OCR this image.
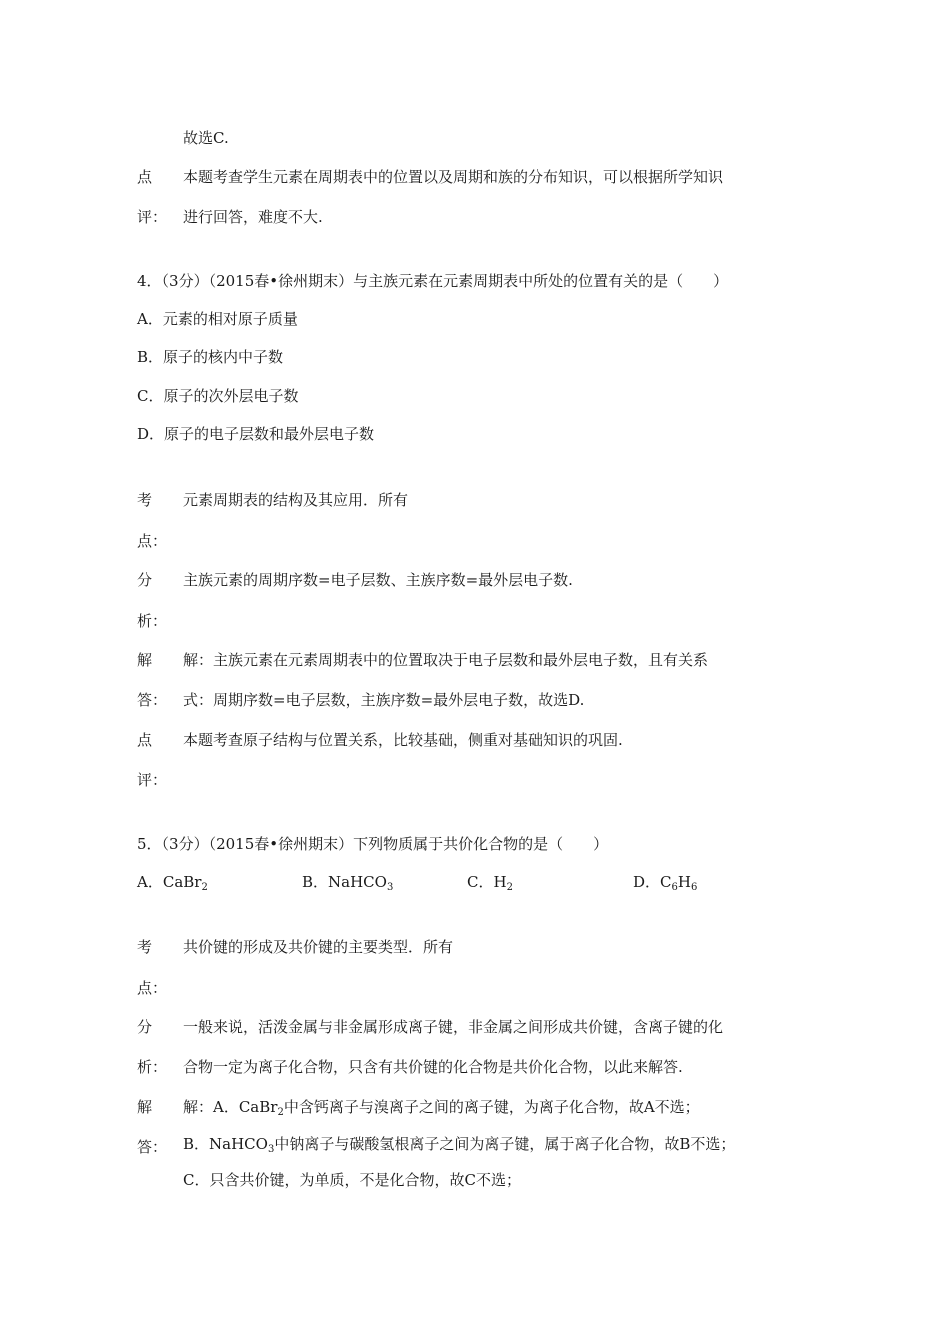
故选C.
点 本题考查学生元素在周期表中的位置以及周期和族的分布知识，可以根据所学知识
评： 进行回答，难度不大.
4．（3分）（2015春•徐州期末）与主族元素在元素周期表中所处的位置有关的是（　　）
A．元素的相对原子质量
B．原子的核内中子数
C．原子的次外层电子数
D．原子的电子层数和最外层电子数
考 元素周期表的结构及其应用．所有
点：
分 主族元素的周期序数=电子层数、主族序数=最外层电子数.
析：
解 解：主族元素在元素周期表中的位置取决于电子层数和最外层电子数，且有关系
答： 式：周期序数=电子层数，主族序数=最外层电子数，故选D.
点 本题考查原子结构与位置关系，比较基础，侧重对基础知识的巩固.
评：
5．（3分）（2015春•徐州期末）下列物质属于共价化合物的是（　　）
A．CaBr$_2$	B．NaHCO$_3$	C．$H_2$	D．$C_6H_6$
考 共价键的形成及共价键的主要类型．所有
点：
分 一般来说，活泼金属与非金属形成离子键，非金属之间形成共价键，含离子键的化
析： 合物一定为离子化合物，只含有共价键的化合物是共价化合物，以此来解答.
解 解：A．CaBr$_2$中含钙离子与溴离子之间的离子键，为离子化合物，故A不选；
答： B．NaHCO$_3$中钠离子与碳酸氢根离子之间为离子键，属于离子化合物，故B不选；
C．只含共价键，为单质，不是化合物，故C不选；
